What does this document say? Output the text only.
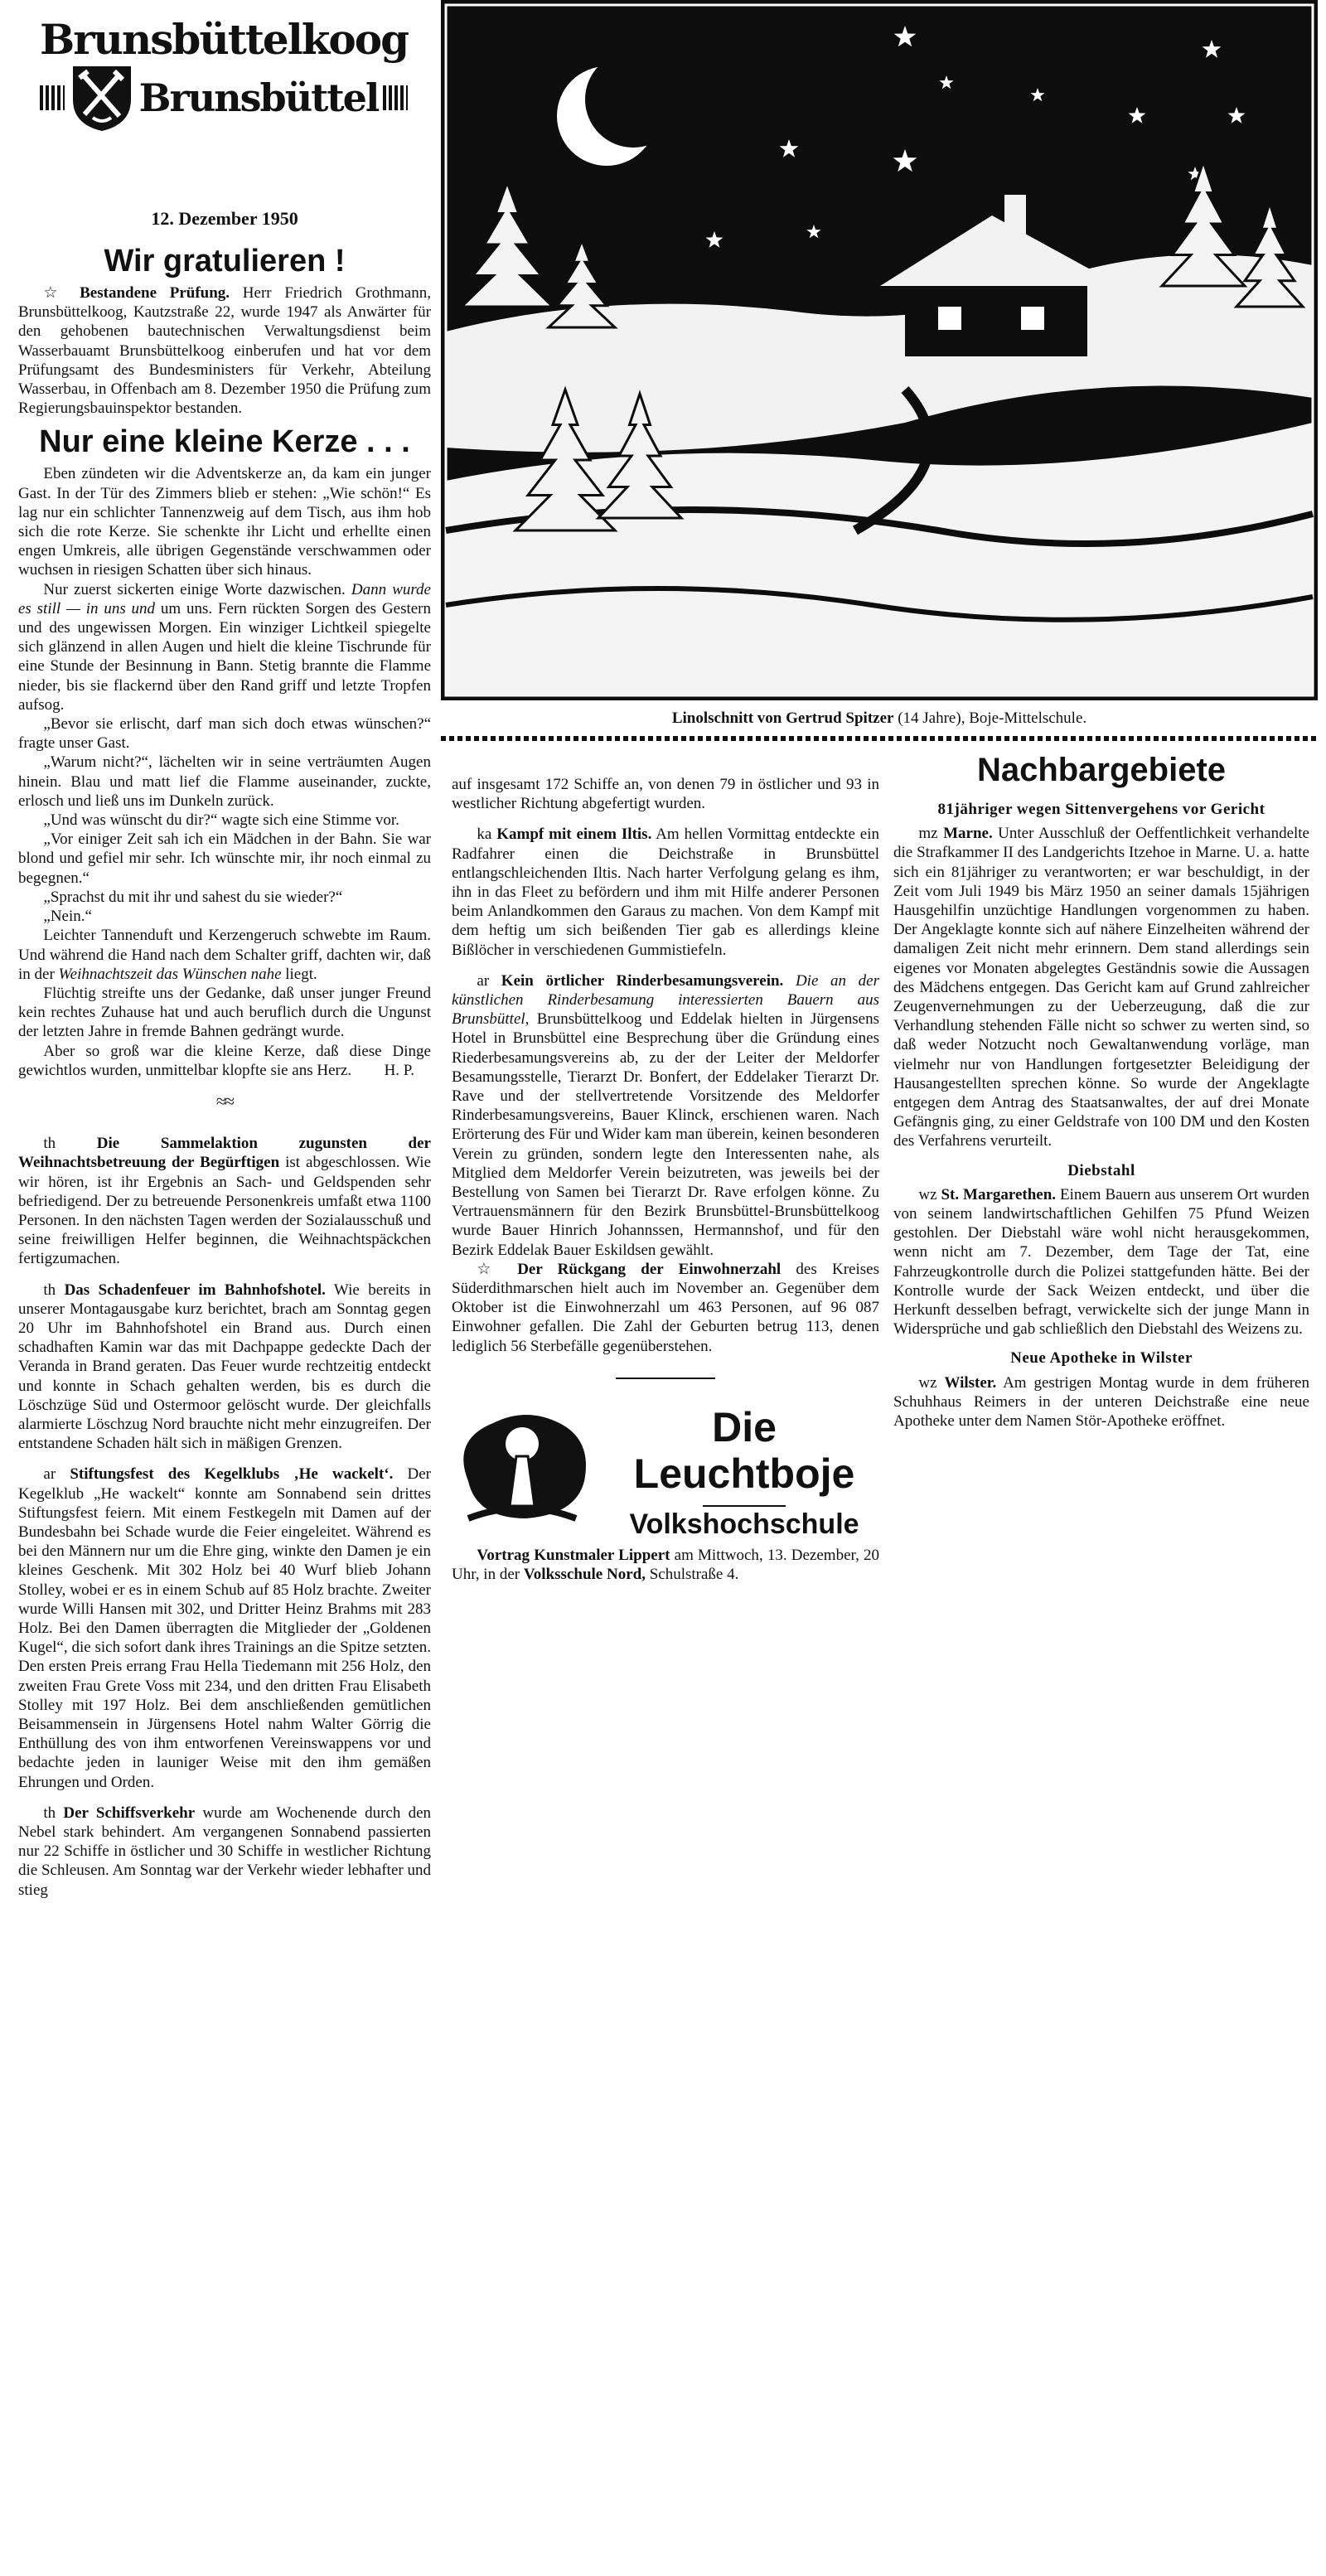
Brunsbüttelkoog
Brunsbüttel
12. Dezember 1950
Linolschnitt von Gertrud Spitzer (14 Jahre), Boje-Mittelschule.
Wir gratulieren !

☆ Bestandene Prüfung. Herr Friedrich Grothmann, Brunsbüttelkoog, Kautzstraße 22, wurde 1947 als Anwärter für den gehobenen bautechnischen Verwaltungsdienst beim Wasserbauamt Brunsbüttelkoog einberufen und hat vor dem Prüfungsamt des Bundesministers für Verkehr, Abteilung Wasserbau, in Offenbach am 8. Dezember 1950 die Prüfung zum Regierungsbauinspektor bestanden.

Nur eine kleine Kerze . . .

Eben zündeten wir die Adventskerze an, da kam ein junger Gast. In der Tür des Zimmers blieb er stehen: „Wie schön!“ Es lag nur ein schlichter Tannenzweig auf dem Tisch, aus ihm hob sich die rote Kerze. Sie schenkte ihr Licht und erhellte einen engen Umkreis, alle übrigen Gegenstände verschwammen oder wuchsen in riesigen Schatten über sich hinaus.

Nur zuerst sickerten einige Worte dazwischen. Dann wurde es still — in uns und um uns. Fern rückten Sorgen des Gestern und des ungewissen Morgen. Ein winziger Lichtkeil spiegelte sich glänzend in allen Augen und hielt die kleine Tischrunde für eine Stunde der Besinnung in Bann. Stetig brannte die Flamme nieder, bis sie flackernd über den Rand griff und letzte Tropfen aufsog.

„Bevor sie erlischt, darf man sich doch etwas wünschen?“ fragte unser Gast.

„Warum nicht?“, lächelten wir in seine verträumten Augen hinein. Blau und matt lief die Flamme auseinander, zuckte, erlosch und ließ uns im Dunkeln zurück.

„Und was wünscht du dir?“ wagte sich eine Stimme vor.

„Vor einiger Zeit sah ich ein Mädchen in der Bahn. Sie war blond und gefiel mir sehr. Ich wünschte mir, ihr noch einmal zu begegnen.“

„Sprachst du mit ihr und sahest du sie wieder?“

„Nein.“

Leichter Tannenduft und Kerzengeruch schwebte im Raum. Und während die Hand nach dem Schalter griff, dachten wir, daß in der Weihnachtszeit das Wünschen nahe liegt.

Flüchtig streifte uns der Gedanke, daß unser junger Freund kein rechtes Zuhause hat und auch beruflich durch die Ungunst der letzten Jahre in fremde Bahnen gedrängt wurde.

Aber so groß war die kleine Kerze, daß diese Dinge gewichtlos wurden, unmittelbar klopfte sie ans Herz.	H. P.

≈≈

th Die Sammelaktion zugunsten der Weihnachtsbetreuung der Begürftigen ist abgeschlossen. Wie wir hören, ist ihr Ergebnis an Sach- und Geldspenden sehr befriedigend. Der zu betreuende Personenkreis umfaßt etwa 1100 Personen. In den nächsten Tagen werden der Sozialausschuß und seine freiwilligen Helfer beginnen, die Weihnachtspäckchen fertigzumachen.

th Das Schadenfeuer im Bahnhofshotel. Wie bereits in unserer Montagausgabe kurz berichtet, brach am Sonntag gegen 20 Uhr im Bahnhofshotel ein Brand aus. Durch einen schadhaften Kamin war das mit Dachpappe gedeckte Dach der Veranda in Brand geraten. Das Feuer wurde rechtzeitig entdeckt und konnte in Schach gehalten werden, bis es durch die Löschzüge Süd und Ostermoor gelöscht wurde. Der gleichfalls alarmierte Löschzug Nord brauchte nicht mehr einzugreifen. Der entstandene Schaden hält sich in mäßigen Grenzen.

ar Stiftungsfest des Kegelklubs ‚He wackelt‘. Der Kegelklub „He wackelt“ konnte am Sonnabend sein drittes Stiftungsfest feiern. Mit einem Festkegeln mit Damen auf der Bundesbahn bei Schade wurde die Feier eingeleitet. Während es bei den Männern nur um die Ehre ging, winkte den Damen je ein kleines Geschenk. Mit 302 Holz bei 40 Wurf blieb Johann Stolley, wobei er es in einem Schub auf 85 Holz brachte. Zweiter wurde Willi Hansen mit 302, und Dritter Heinz Brahms mit 283 Holz. Bei den Damen überragten die Mitglieder der „Goldenen Kugel“, die sich sofort dank ihres Trainings an die Spitze setzten. Den ersten Preis errang Frau Hella Tiedemann mit 256 Holz, den zweiten Frau Grete Voss mit 234, und den dritten Frau Elisabeth Stolley mit 197 Holz. Bei dem anschließenden gemütlichen Beisammensein in Jürgensens Hotel nahm Walter Görrig die Enthüllung des von ihm entworfenen Vereinswappens vor und bedachte jeden in launiger Weise mit den ihm gemäßen Ehrungen und Orden.

th Der Schiffsverkehr wurde am Wochenende durch den Nebel stark behindert. Am vergangenen Sonnabend passierten nur 22 Schiffe in östlicher und 30 Schiffe in westlicher Richtung die Schleusen. Am Sonntag war der Verkehr wieder lebhafter und stieg

auf insgesamt 172 Schiffe an, von denen 79 in östlicher und 93 in westlicher Richtung abgefertigt wurden.

ka Kampf mit einem Iltis. Am hellen Vormittag entdeckte ein Radfahrer einen die Deichstraße in Brunsbüttel entlangschleichenden Iltis. Nach harter Verfolgung gelang es ihm, ihn in das Fleet zu befördern und ihm mit Hilfe anderer Personen beim Anlandkommen den Garaus zu machen. Von dem Kampf mit dem heftig um sich beißenden Tier gab es allerdings kleine Bißlöcher in verschiedenen Gummistiefeln.

ar Kein örtlicher Rinderbesamungsverein. Die an der künstlichen Rinderbesamung interessierten Bauern aus Brunsbüttel, Brunsbüttelkoog und Eddelak hielten in Jürgensens Hotel in Brunsbüttel eine Besprechung über die Gründung eines Riederbesamungsvereins ab, zu der der Leiter der Meldorfer Besamungsstelle, Tierarzt Dr. Bonfert, der Eddelaker Tierarzt Dr. Rave und der stellvertretende Vorsitzende des Meldorfer Rinderbesamungsvereins, Bauer Klinck, erschienen waren. Nach Erörterung des Für und Wider kam man überein, keinen besonderen Verein zu gründen, sondern legte den Interessenten nahe, als Mitglied dem Meldorfer Verein beizutreten, was jeweils bei der Bestellung von Samen bei Tierarzt Dr. Rave erfolgen könne. Zu Vertrauensmännern für den Bezirk Brunsbüttel-Brunsbüttelkoog wurde Bauer Hinrich Johannssen, Hermannshof, und für den Bezirk Eddelak Bauer Eskildsen gewählt.

☆ Der Rückgang der Einwohnerzahl des Kreises Süderdithmarschen hielt auch im November an. Gegenüber dem Oktober ist die Einwohnerzahl um 463 Personen, auf 96 087 Einwohner gefallen. Die Zahl der Geburten betrug 113, denen lediglich 56 Sterbefälle gegenüberstehen.

Die Leuchtboje
Volkshochschule

Vortrag Kunstmaler Lippert am Mittwoch, 13. Dezember, 20 Uhr, in der Volksschule Nord, Schulstraße 4.

Nachbargebiete
81jähriger wegen Sittenvergehens vor Gericht

mz Marne. Unter Ausschluß der Oeffentlichkeit verhandelte die Strafkammer II des Landgerichts Itzehoe in Marne. U. a. hatte sich ein 81jähriger zu verantworten; er war beschuldigt, in der Zeit vom Juli 1949 bis März 1950 an seiner damals 15jährigen Hausgehilfin unzüchtige Handlungen vorgenommen zu haben. Der Angeklagte konnte sich auf nähere Einzelheiten während der damaligen Zeit nicht mehr erinnern. Dem stand allerdings sein eigenes vor Monaten abgelegtes Geständnis sowie die Aussagen des Mädchens entgegen. Das Gericht kam auf Grund zahlreicher Zeugenvernehmungen zu der Ueberzeugung, daß die zur Verhandlung stehenden Fälle nicht so schwer zu werten sind, so daß weder Notzucht noch Gewaltanwendung vorläge, man vielmehr nur von Handlungen fortgesetzter Beleidigung der Hausangestellten sprechen könne. So wurde der Angeklagte entgegen dem Antrag des Staatsanwaltes, der auf drei Monate Gefängnis ging, zu einer Geldstrafe von 100 DM und den Kosten des Verfahrens verurteilt.

Diebstahl

wz St. Margarethen. Einem Bauern aus unserem Ort wurden von seinem landwirtschaftlichen Gehilfen 75 Pfund Weizen gestohlen. Der Diebstahl wäre wohl nicht herausgekommen, wenn nicht am 7. Dezember, dem Tage der Tat, eine Fahrzeugkontrolle durch die Polizei stattgefunden hätte. Bei der Kontrolle wurde der Sack Weizen entdeckt, und über die Herkunft desselben befragt, verwickelte sich der junge Mann in Widersprüche und gab schließlich den Diebstahl des Weizens zu.

Neue Apotheke in Wilster

wz Wilster. Am gestrigen Montag wurde in dem früheren Schuhhaus Reimers in der unteren Deichstraße eine neue Apotheke unter dem Namen Stör-Apotheke eröffnet.
